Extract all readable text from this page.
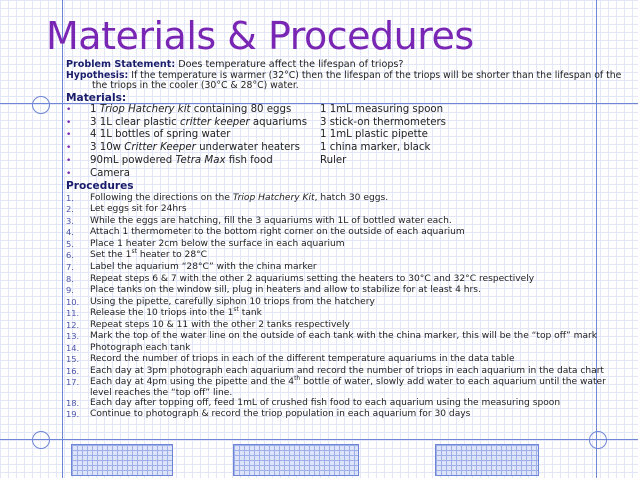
Materials & Procedures
Problem Statement: Does temperature affect the lifespan of triops?
Hypothesis: If the temperature is warmer (32°C) then the lifespan of the triops will be shorter than the lifespan of the the triops in the cooler (30°C & 28°C) water.
Materials:
•	1 Triop Hatchery kit containing 80 eggs	1 1mL measuring spoon
•	3 1L clear plastic critter keeper aquariums	3 stick-on thermometers
•	4 1L bottles of spring water	1 1mL plastic pipette
•	3 10w Critter Keeper underwater heaters	1 china marker, black
•	90mL powdered Tetra Max fish food	Ruler
•	Camera
Procedures
1.	Following the directions on the Triop Hatchery Kit, hatch 30 eggs.
2.	Let eggs sit for 24hrs
3.	While the eggs are hatching, fill the 3 aquariums with 1L of bottled water each.
4.	Attach 1 thermometer to the bottom right corner on the outside of each aquarium
5.	Place 1 heater 2cm below the surface in each aquarium
6.	Set the 1st heater to 28°C
7.	Label the aquarium “28°C” with the china marker
8.	Repeat steps 6 & 7 with the other 2 aquariums setting the heaters to 30°C and 32°C respectively
9.	Place tanks on the window sill, plug in heaters and allow to stabilize for at least 4 hrs.
10.	Using the pipette, carefully siphon 10 triops from the hatchery
11.	Release the 10 triops into the 1st tank
12.	Repeat steps 10 & 11 with the other 2 tanks respectively
13.	Mark the top of the water line on the outside of each tank with the china marker, this will be the “top off” mark
14.	Photograph each tank
15.	Record the number of triops in each of the different temperature aquariums in the data table
16.	Each day at 3pm photograph each aquarium and record the number of triops in each aquarium in the data chart
17.	Each day at 4pm using the pipette and the 4th bottle of water, slowly add water to each aquarium until the water level reaches the “top off” line.
18.	Each day after topping off, feed 1mL of crushed fish food to each aquarium using the measuring spoon
19.	Continue to photograph & record the triop population in each aquarium for 30 days
